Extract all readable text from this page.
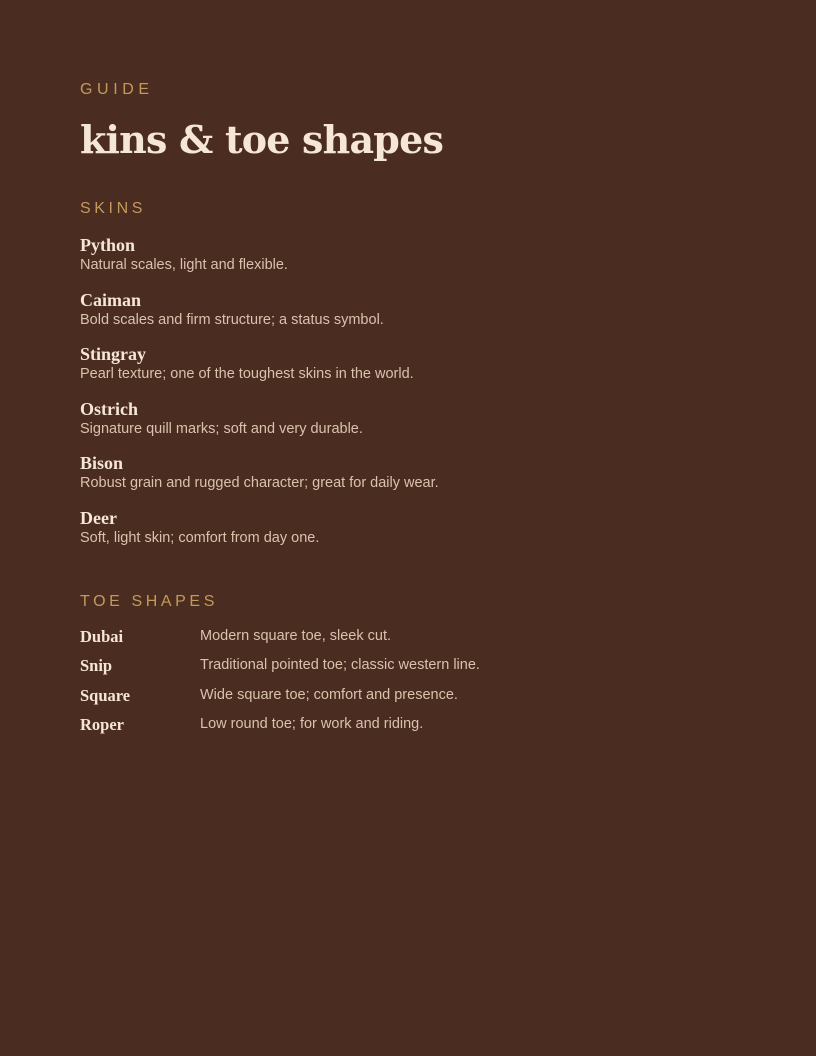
GUIDE
kins & toe shapes
SKINS
Python
Natural scales, light and flexible.
Caiman
Bold scales and firm structure; a status symbol.
Stingray
Pearl texture; one of the toughest skins in the world.
Ostrich
Signature quill marks; soft and very durable.
Bison
Robust grain and rugged character; great for daily wear.
Deer
Soft, light skin; comfort from day one.
TOE SHAPES
Dubai	Modern square toe, sleek cut.
Snip	Traditional pointed toe; classic western line.
Square	Wide square toe; comfort and presence.
Roper	Low round toe; for work and riding.
